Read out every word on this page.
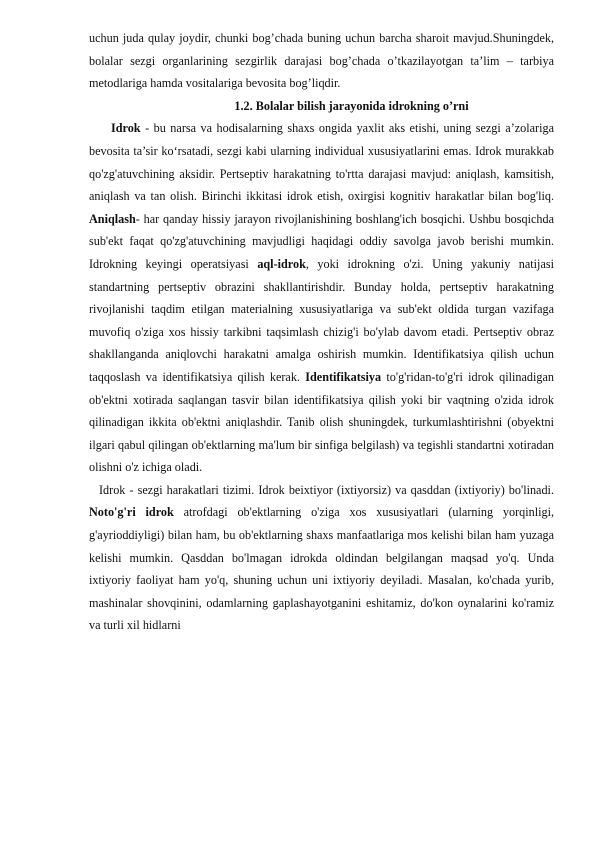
uchun juda qulay joydir, chunki bog’chada buning uchun barcha sharoit mavjud.Shuningdek, bolalar sezgi organlarining sezgirlik darajasi bog’chada o’tkazilayotgan ta’lim – tarbiya metodlariga hamda vositalariga bevosita bog’liqdir.

1.2. Bolalar bilish jarayonida idrokning o’rni

Idrok - bu narsa va hodisalarning shaxs ongida yaxlit aks etishi, uning sezgi a’zolariga bevosita ta’sir ko‘rsatadi, sezgi kabi ularning individual xususiyatlarini emas. Idrok murakkab qo'zg'atuvchining aksidir. Pertseptiv harakatning to'rtta darajasi mavjud: aniqlash, kamsitish, aniqlash va tan olish. Birinchi ikkitasi idrok etish, oxirgisi kognitiv harakatlar bilan bog'liq. Aniqlash- har qanday hissiy jarayon rivojlanishining boshlang'ich bosqichi. Ushbu bosqichda sub'ekt faqat qo'zg'atuvchining mavjudligi haqidagi oddiy savolga javob berishi mumkin. Idrokning keyingi operatsiyasi aql-idrok, yoki idrokning o'zi. Uning yakuniy natijasi standartning pertseptiv obrazini shakllantirishdir. Bunday holda, pertseptiv harakatning rivojlanishi taqdim etilgan materialning xususiyatlariga va sub'ekt oldida turgan vazifaga muvofiq o'ziga xos hissiy tarkibni taqsimlash chizig'i bo'ylab davom etadi. Pertseptiv obraz shakllanganda aniqlovchi harakatni amalga oshirish mumkin. Identifikatsiya qilish uchun taqqoslash va identifikatsiya qilish kerak. Identifikatsiya to'g'ridan-to'g'ri idrok qilinadigan ob'ektni xotirada saqlangan tasvir bilan identifikatsiya qilish yoki bir vaqtning o'zida idrok qilinadigan ikkita ob'ektni aniqlashdir. Tanib olish shuningdek, turkumlashtirishni (obyektni ilgari qabul qilingan ob'ektlarning ma'lum bir sinfiga belgilash) va tegishli standartni xotiradan olishni o'z ichiga oladi.

Idrok - sezgi harakatlari tizimi. Idrok beixtiyor (ixtiyorsiz) va qasddan (ixtiyoriy) bo'linadi. Noto'g'ri idrok atrofdagi ob'ektlarning o'ziga xos xususiyatlari (ularning yorqinligi, g'ayrioddiyligi) bilan ham, bu ob'ektlarning shaxs manfaatlariga mos kelishi bilan ham yuzaga kelishi mumkin. Qasddan bo'lmagan idrokda oldindan belgilangan maqsad yo'q. Unda ixtiyoriy faoliyat ham yo'q, shuning uchun uni ixtiyoriy deyiladi. Masalan, ko'chada yurib, mashinalar shovqinini, odamlarning gaplashayotganini eshitamiz, do'kon oynalarini ko'ramiz va turli xil hidlarni
